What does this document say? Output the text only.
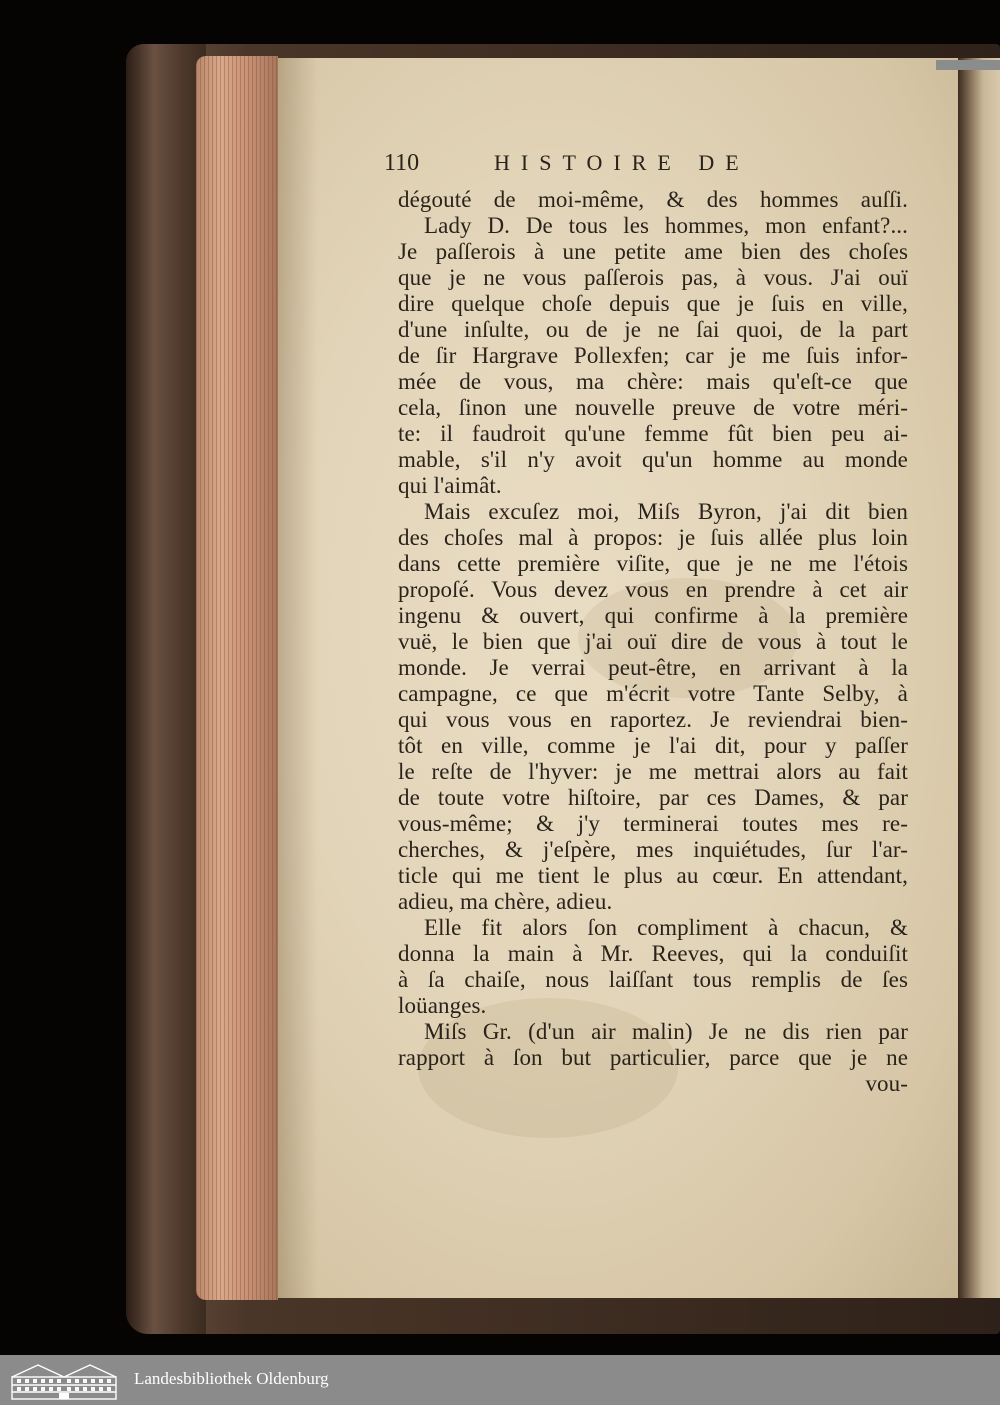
110	HISTOIRE DE
dégouté de moi-même, & des hommes auſſi.
Lady D. De tous les hommes, mon enfant?...
Je paſſerois à une petite ame bien des choſes
que je ne vous paſſerois pas, à vous. J'ai ouï
dire quelque choſe depuis que je ſuis en ville,
d'une inſulte, ou de je ne ſai quoi, de la part
de ſir Hargrave Pollexfen; car je me ſuis infor-
mée de vous, ma chère: mais qu'eſt-ce que
cela, ſinon une nouvelle preuve de votre méri-
te: il faudroit qu'une femme fût bien peu ai-
mable, s'il n'y avoit qu'un homme au monde
qui l'aimât.
Mais excuſez moi, Miſs Byron, j'ai dit bien
des choſes mal à propos: je ſuis allée plus loin
dans cette première viſite, que je ne me l'étois
propoſé. Vous devez vous en prendre à cet air
ingenu & ouvert, qui confirme à la première
vuë, le bien que j'ai ouï dire de vous à tout le
monde. Je verrai peut-être, en arrivant à la
campagne, ce que m'écrit votre Tante Selby, à
qui vous vous en raportez. Je reviendrai bien-
tôt en ville, comme je l'ai dit, pour y paſſer
le reſte de l'hyver: je me mettrai alors au fait
de toute votre hiſtoire, par ces Dames, & par
vous-même; & j'y terminerai toutes mes re-
cherches, & j'eſpère, mes inquiétudes, ſur l'ar-
ticle qui me tient le plus au cœur. En attendant,
adieu, ma chère, adieu.
Elle fit alors ſon compliment à chacun, &
donna la main à Mr. Reeves, qui la conduiſit
à ſa chaiſe, nous laiſſant tous remplis de ſes
loüanges.
Miſs Gr. (d'un air malin) Je ne dis rien par
rapport à ſon but particulier, parce que je ne
vou-
Landesbibliothek Oldenburg
